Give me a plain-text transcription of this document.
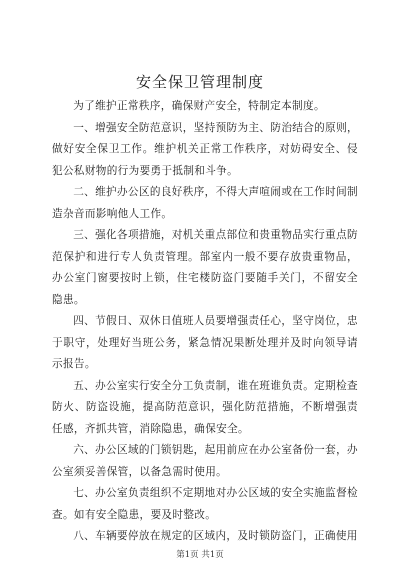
安全保卫管理制度

为了维护正常秩序，确保财产安全，特制定本制度。

一、增强安全防范意识，坚持预防为主、防治结合的原则，做好安全保卫工作。维护机关正常工作秩序，对妨碍安全、侵犯公私财物的行为要勇于抵制和斗争。

二、维护办公区的良好秩序，不得大声喧闹或在工作时间制造杂音而影响他人工作。

三、强化各项措施，对机关重点部位和贵重物品实行重点防范保护和进行专人负责管理。部室内一般不要存放贵重物品，办公室门窗要按时上锁，住宅楼防盗门要随手关门，不留安全隐患。

四、节假日、双休日值班人员要增强责任心，坚守岗位，忠于职守，处理好当班公务，紧急情况果断处理并及时向领导请示报告。

五、办公室实行安全分工负责制，谁在班谁负责。定期检查防火、防盗设施，提高防范意识，强化防范措施，不断增强责任感，齐抓共管，消除隐患，确保安全。

六、办公区域的门锁钥匙，起用前应在办公室备份一套，办公室须妥善保管，以备急需时使用。

七、办公室负责组织不定期地对办公区域的安全实施监督检查。如有安全隐患，要及时整改。

八、车辆要停放在规定的区域内，及时锁防盗门，正确使用

第1页 共1页
